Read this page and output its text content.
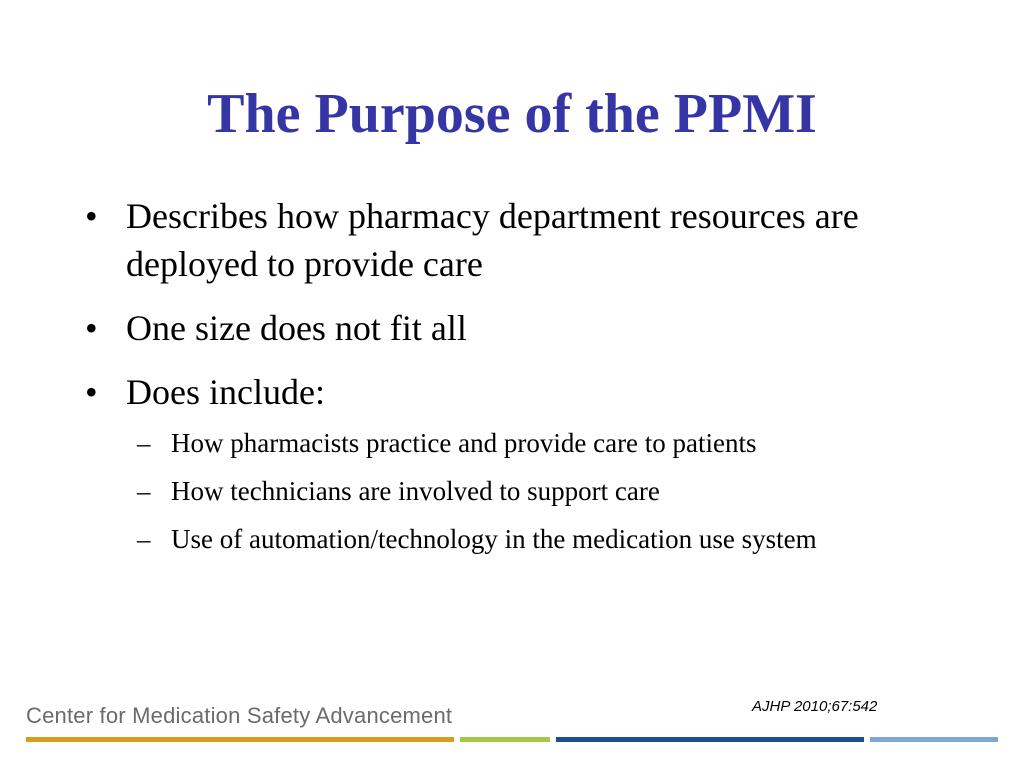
The Purpose of the PPMI
• Describes how pharmacy department resources are deployed to provide care
• One size does not fit all
• Does include:
– How pharmacists practice and provide care to patients
– How technicians are involved to support care
– Use of automation/technology in the medication use system
AJHP 2010;67:542
Center for Medication Safety Advancement
